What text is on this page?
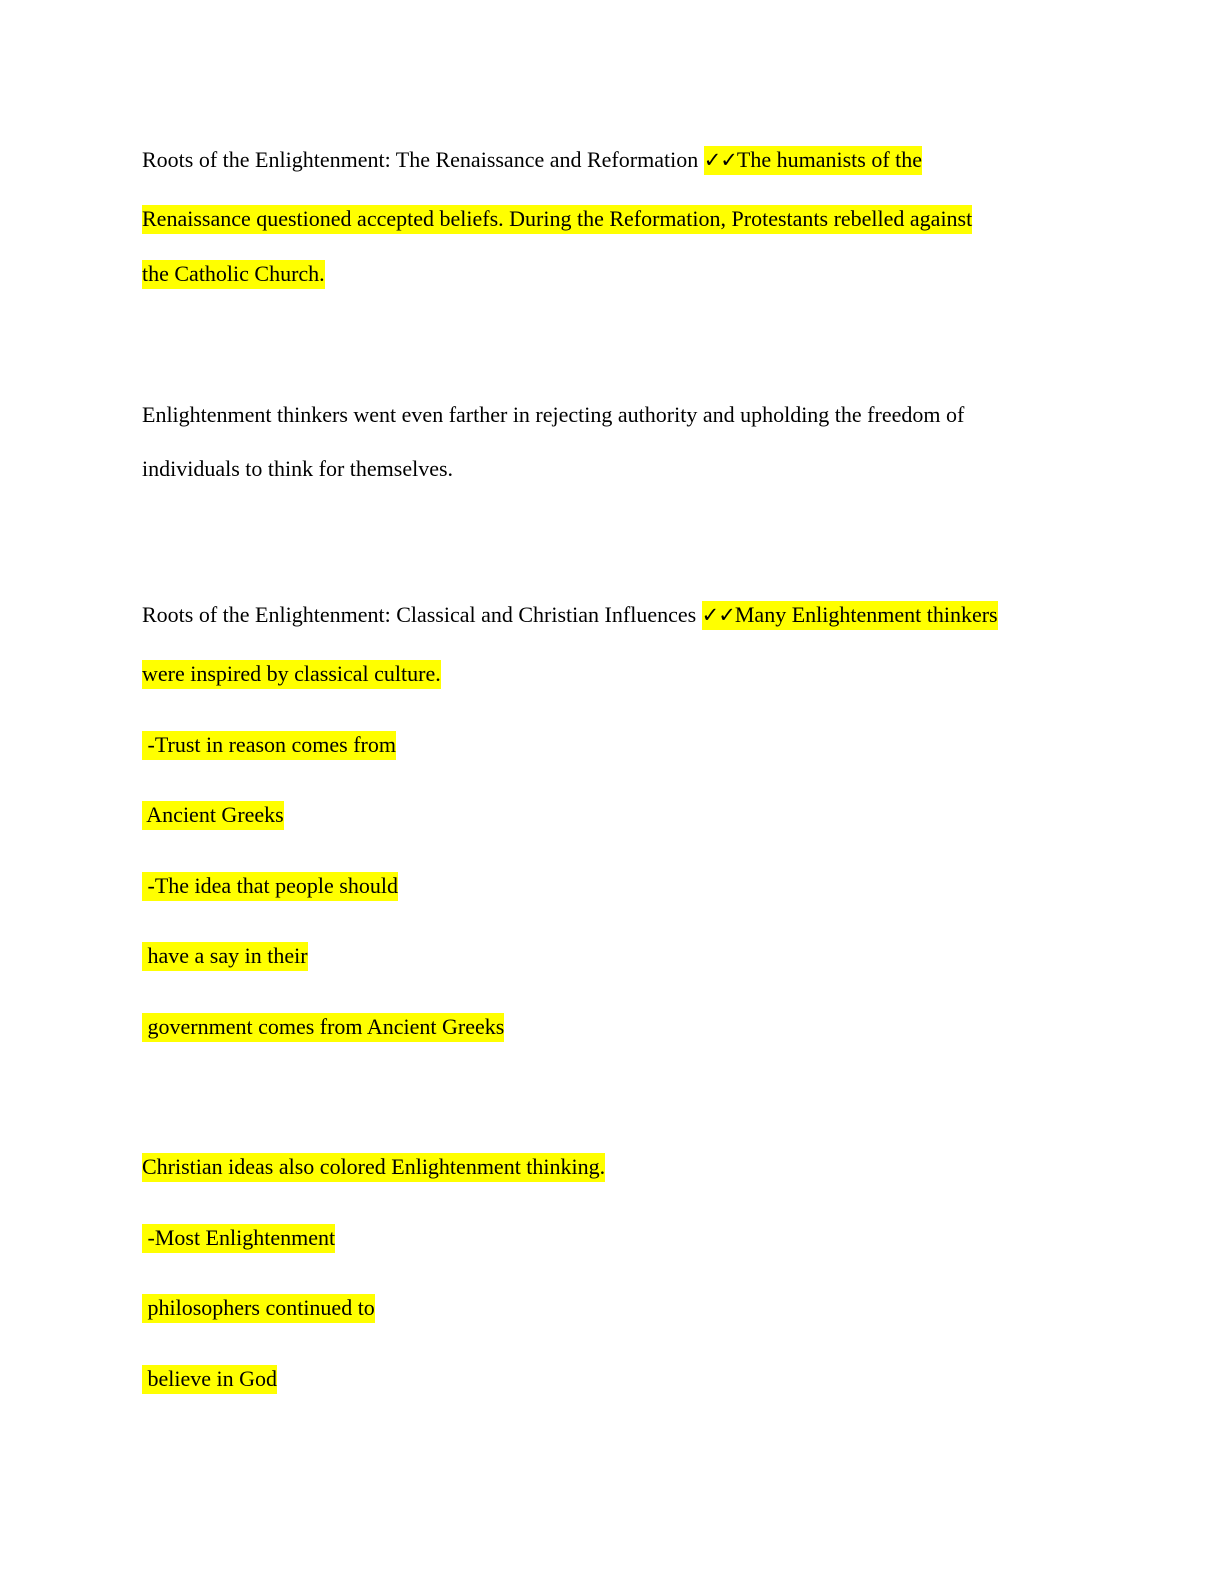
Roots of the Enlightenment: The Renaissance and Reformation ✓✓The humanists of the

Renaissance questioned accepted beliefs. During the Reformation, Protestants rebelled against

the Catholic Church.

Enlightenment thinkers went even farther in rejecting authority and upholding the freedom of

individuals to think for themselves.

Roots of the Enlightenment: Classical and Christian Influences ✓✓Many Enlightenment thinkers

were inspired by classical culture.

-Trust in reason comes from

Ancient Greeks

-The idea that people should

have a say in their

government comes from Ancient Greeks

Christian ideas also colored Enlightenment thinking.

-Most Enlightenment

philosophers continued to

believe in God
